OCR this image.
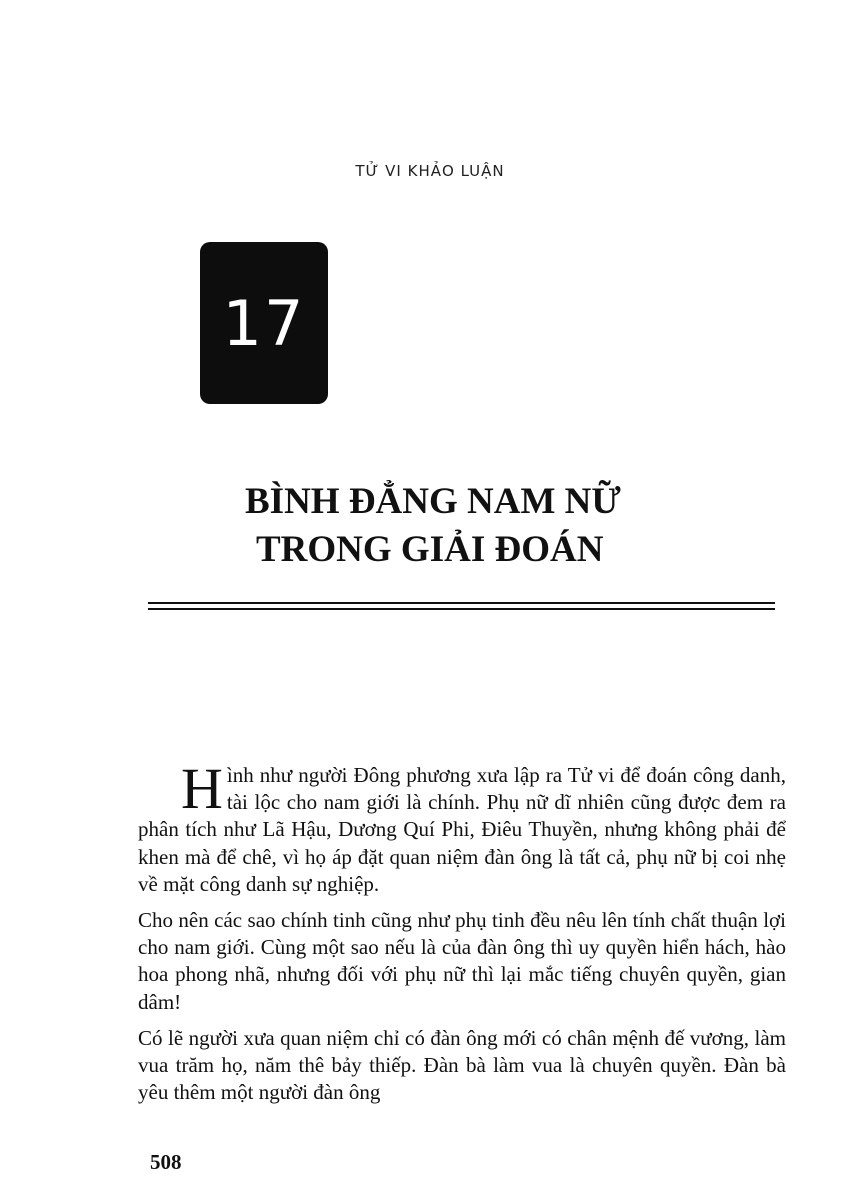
TỬ VI KHẢO LUẬN
17
BÌNH ĐẲNG NAM NỮ
TRONG GIẢI ĐOÁN

Hình như người Đông phương xưa lập ra Tử vi để đoán công danh, tài lộc cho nam giới là chính. Phụ nữ dĩ nhiên cũng được đem ra phân tích như Lã Hậu, Dương Quí Phi, Điêu Thuyền, nhưng không phải để khen mà để chê, vì họ áp đặt quan niệm đàn ông là tất cả, phụ nữ bị coi nhẹ về mặt công danh sự nghiệp.

Cho nên các sao chính tinh cũng như phụ tinh đều nêu lên tính chất thuận lợi cho nam giới. Cùng một sao nếu là của đàn ông thì uy quyền hiển hách, hào hoa phong nhã, nhưng đối với phụ nữ thì lại mắc tiếng chuyên quyền, gian dâm!

Có lẽ người xưa quan niệm chỉ có đàn ông mới có chân mệnh đế vương, làm vua trăm họ, năm thê bảy thiếp. Đàn bà làm vua là chuyên quyền. Đàn bà yêu thêm một người đàn ông

508
